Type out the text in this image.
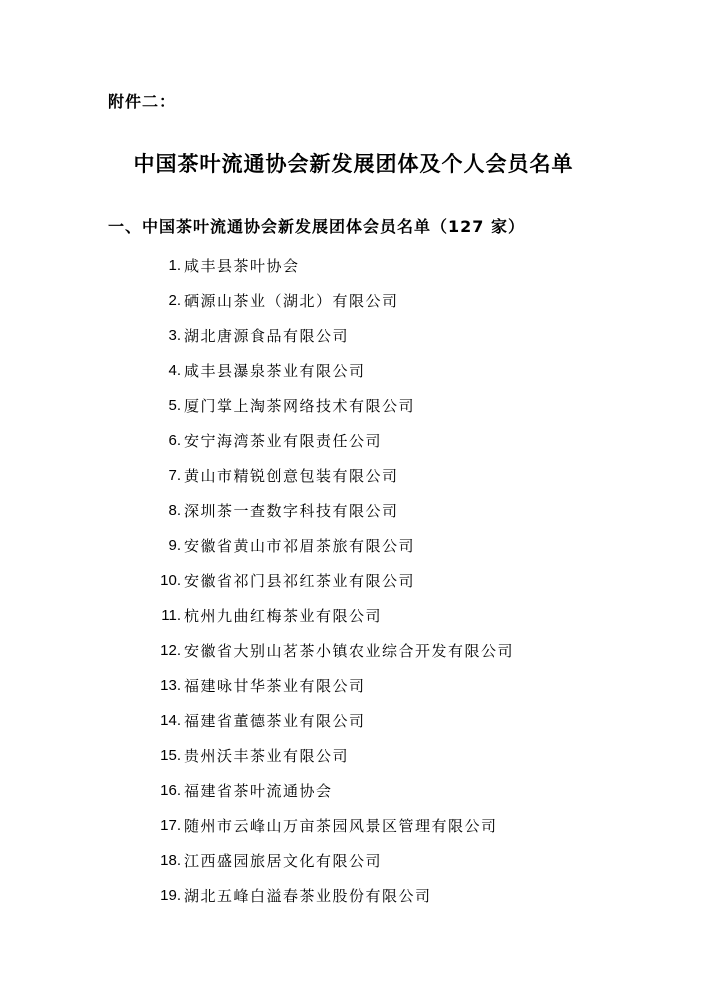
附件二：
中国茶叶流通协会新发展团体及个人会员名单
一、中国茶叶流通协会新发展团体会员名单（127 家）
1. 咸丰县茶叶协会
2. 硒源山茶业（湖北）有限公司
3. 湖北唐源食品有限公司
4. 咸丰县瀑泉茶业有限公司
5. 厦门掌上淘茶网络技术有限公司
6. 安宁海湾茶业有限责任公司
7. 黄山市精锐创意包装有限公司
8. 深圳茶一查数字科技有限公司
9. 安徽省黄山市祁眉茶旅有限公司
10. 安徽省祁门县祁红茶业有限公司
11. 杭州九曲红梅茶业有限公司
12. 安徽省大别山茗茶小镇农业综合开发有限公司
13. 福建咏甘华茶业有限公司
14. 福建省董德茶业有限公司
15. 贵州沃丰茶业有限公司
16. 福建省茶叶流通协会
17. 随州市云峰山万亩茶园风景区管理有限公司
18. 江西盛园旅居文化有限公司
19. 湖北五峰白溢春茶业股份有限公司
